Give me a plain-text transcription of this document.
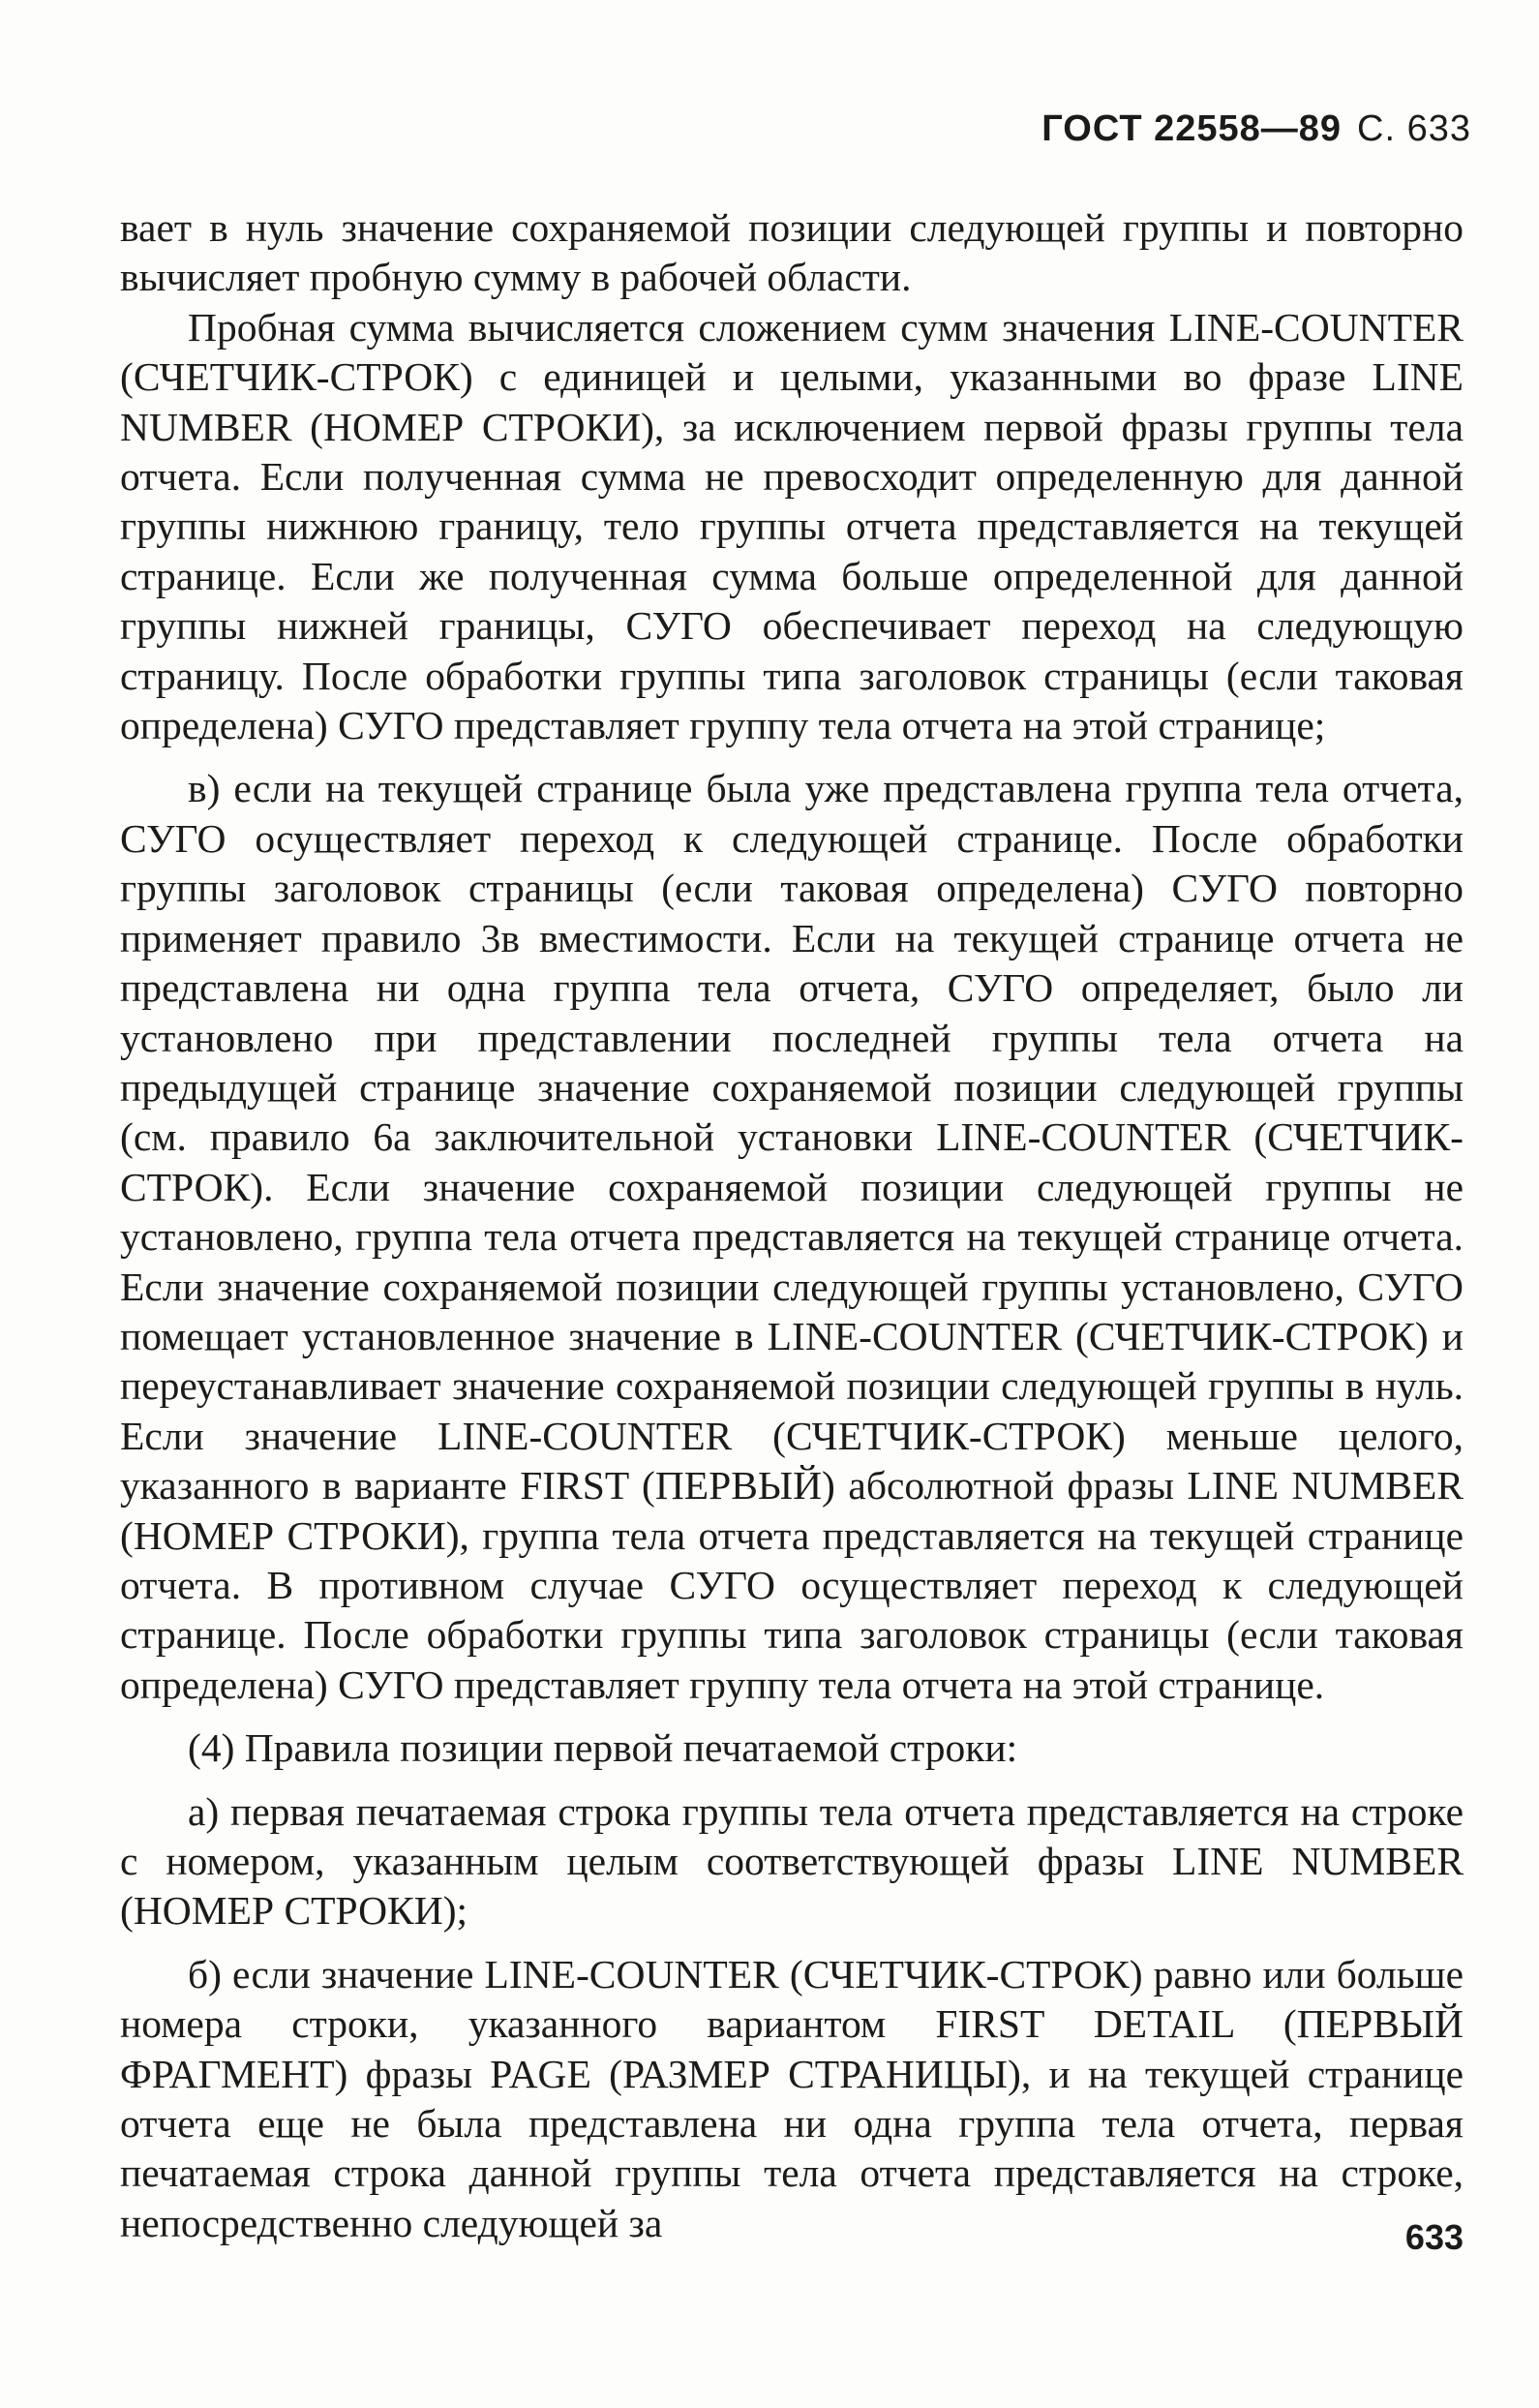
ГОСТ 22558—89 С. 633

вает в нуль значение сохраняемой позиции следующей группы и повторно вычисляет пробную сумму в рабочей области.

Пробная сумма вычисляется сложением сумм значения LINE-COUNTER (СЧЕТЧИК-СТРОК) с единицей и целыми, указанными во фразе LINE NUMBER (НОМЕР СТРОКИ), за исключением первой фразы группы тела отчета. Если полученная сумма не превосходит определенную для данной группы нижнюю границу, тело группы отчета представляется на текущей странице. Если же полученная сумма больше определенной для данной группы нижней границы, СУГО обеспечивает переход на следующую страницу. После обработки группы типа заголовок страницы (если таковая определена) СУГО представляет группу тела отчета на этой странице;

в) если на текущей странице была уже представлена группа тела отчета, СУГО осуществляет переход к следующей странице. После обработки группы заголовок страницы (если таковая определена) СУГО повторно применяет правило 3в вместимости. Если на текущей странице отчета не представлена ни одна группа тела отчета, СУГО определяет, было ли установлено при представлении последней группы тела отчета на предыдущей странице значение сохраняемой позиции следующей группы (см. правило 6а заключительной установки LINE-COUNTER (СЧЕТЧИК-СТРОК). Если значение сохраняемой позиции следующей группы не установлено, группа тела отчета представляется на текущей странице отчета. Если значение сохраняемой позиции следующей группы установлено, СУГО помещает установленное значение в LINE-COUNTER (СЧЕТЧИК-СТРОК) и переустанавливает значение сохраняемой позиции следующей группы в нуль. Если значение LINE-COUNTER (СЧЕТЧИК-СТРОК) меньше целого, указанного в варианте FIRST (ПЕРВЫЙ) абсолютной фразы LINE NUMBER (НОМЕР СТРОКИ), группа тела отчета представляется на текущей странице отчета. В противном случае СУГО осуществляет переход к следующей странице. После обработки группы типа заголовок страницы (если таковая определена) СУГО представляет группу тела отчета на этой странице.

(4) Правила позиции первой печатаемой строки:

а) первая печатаемая строка группы тела отчета представляется на строке с номером, указанным целым соответствующей фразы LINE NUMBER (НОМЕР СТРОКИ);

б) если значение LINE-COUNTER (СЧЕТЧИК-СТРОК) равно или больше номера строки, указанного вариантом FIRST DETAIL (ПЕРВЫЙ ФРАГМЕНТ) фразы PAGE (РАЗМЕР СТРАНИЦЫ), и на текущей странице отчета еще не была представлена ни одна группа тела отчета, первая печатаемая строка данной группы тела отчета представляется на строке, непосредственно следующей за	633
